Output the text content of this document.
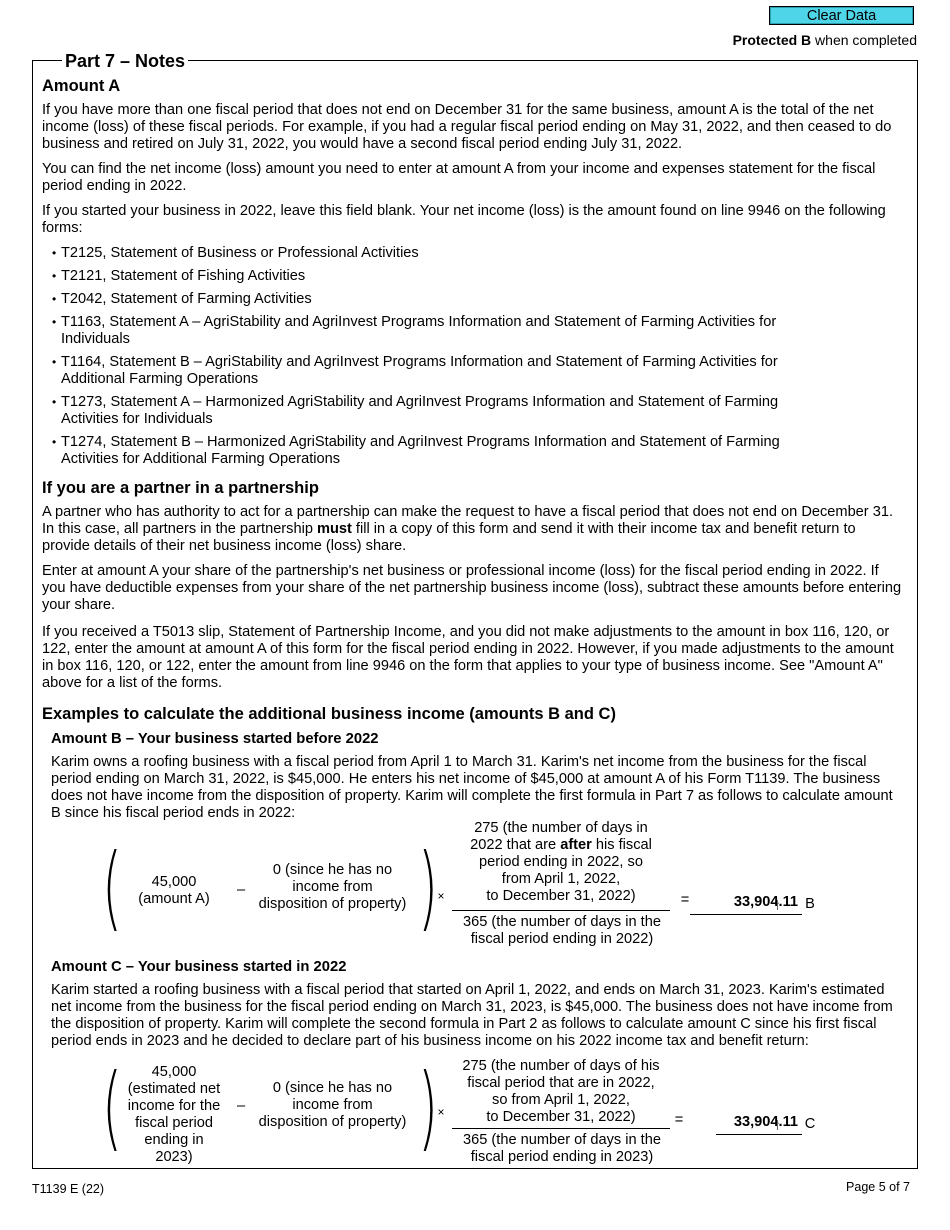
Clear Data
Protected B when completed
Part 7 – Notes
Amount A

If you have more than one fiscal period that does not end on December 31 for the same business, amount A is the total of the net income (loss) of these fiscal periods. For example, if you had a regular fiscal period ending on May 31, 2022, and then ceased to do business and retired on July 31, 2022, you would have a second fiscal period ending July 31, 2022.

You can find the net income (loss) amount you need to enter at amount A from your income and expenses statement for the fiscal period ending in 2022.

If you started your business in 2022, leave this field blank. Your net income (loss) is the amount found on line 9946 on the following forms:

• T2125, Statement of Business or Professional Activities
• T2121, Statement of Fishing Activities
• T2042, Statement of Farming Activities
• T1163, Statement A – AgriStability and AgriInvest Programs Information and Statement of Farming Activities for Individuals
• T1164, Statement B – AgriStability and AgriInvest Programs Information and Statement of Farming Activities for Additional Farming Operations
• T1273, Statement A – Harmonized AgriStability and AgriInvest Programs Information and Statement of Farming Activities for Individuals
• T1274, Statement B – Harmonized AgriStability and AgriInvest Programs Information and Statement of Farming Activities for Additional Farming Operations
If you are a partner in a partnership

A partner who has authority to act for a partnership can make the request to have a fiscal period that does not end on December 31. In this case, all partners in the partnership must fill in a copy of this form and send it with their income tax and benefit return to provide details of their net business income (loss) share.

Enter at amount A your share of the partnership's net business or professional income (loss) for the fiscal period ending in 2022. If you have deductible expenses from your share of the net partnership business income (loss), subtract these amounts before entering your share.

If you received a T5013 slip, Statement of Partnership Income, and you did not make adjustments to the amount in box 116, 120, or 122, enter the amount at amount A of this form for the fiscal period ending in 2022. However, if you made adjustments to the amount in box 116, 120, or 122, enter the amount from line 9946 on the form that applies to your type of business income. See "Amount A" above for a list of the forms.

Examples to calculate the additional business income (amounts B and C)
Amount B – Your business started before 2022

Karim owns a roofing business with a fiscal period from April 1 to March 31. Karim's net income from the business for the fiscal period ending on March 31, 2022, is $45,000. He enters his net income of $45,000 at amount A of his Form T1139. The business does not have income from the disposition of property. Karim will complete the first formula in Part 7 as follows to calculate amount B since his fiscal period ends in 2022:

(	45,000
(amount A)
–
0 (since he has no
income from
disposition of property) ) ×
275 (the number of days in
2022 that are after his fiscal
period ending in 2022, so
from April 1, 2022,
to December 31, 2022)
365 (the number of days in the
fiscal period ending in 2022)
=	33,904.11 B
Amount C – Your business started in 2022

Karim started a roofing business with a fiscal period that started on April 1, 2022, and ends on March 31, 2023. Karim's estimated net income from the business for the fiscal period ending on March 31, 2023, is $45,000. The business does not have income from the disposition of property. Karim will complete the second formula in Part 2 as follows to calculate amount C since his first fiscal period ends in 2023 and he decided to declare part of his business income on his 2022 income tax and benefit return:

(	45,000
(estimated net
income for the
fiscal period
ending in 2023)
–
0 (since he has no
income from
disposition of property) ) ×
275 (the number of days of his
fiscal period that are in 2022,
so from April 1, 2022,
to December 31, 2022)
365 (the number of days in the
fiscal period ending in 2023)
=	33,904.11 C
T1139 E (22)	Page 5 of 7
